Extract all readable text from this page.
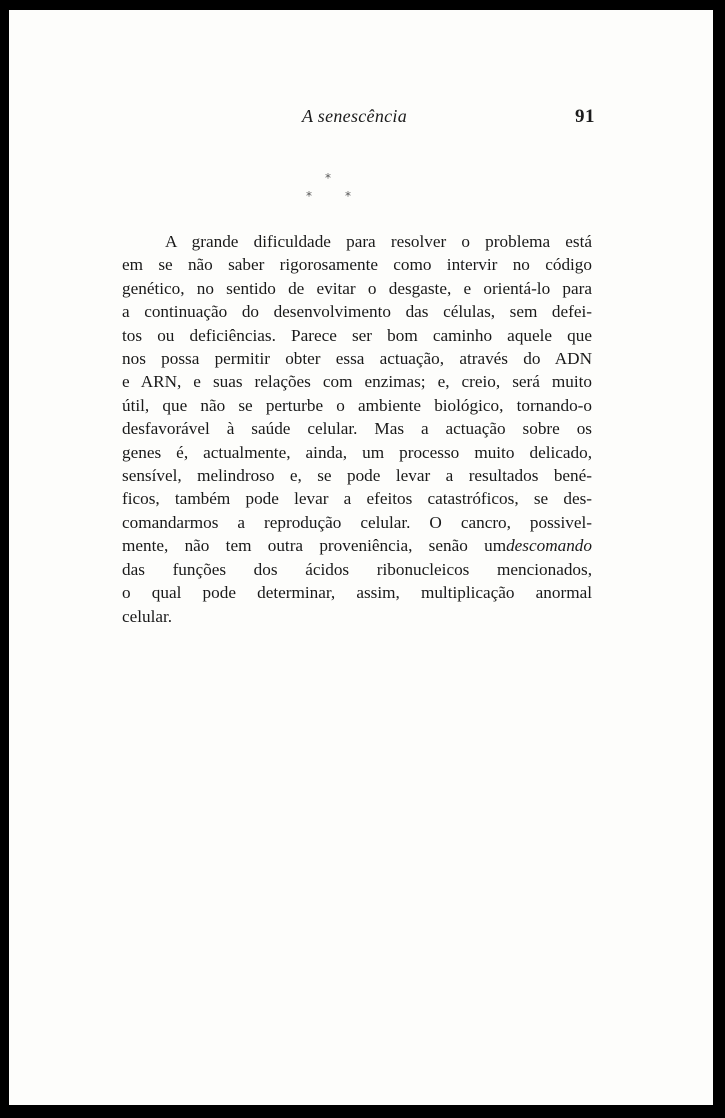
A senescência	91
*
*	*

A grande dificuldade para resolver o problema está
em se não saber rigorosamente como intervir no código
genético, no sentido de evitar o desgaste, e orientá-lo para
a continuação do desenvolvimento das células, sem defei-
tos ou deficiências. Parece ser bom caminho aquele que
nos possa permitir obter essa actuação, através do ADN
e ARN, e suas relações com enzimas; e, creio, será muito
útil, que não se perturbe o ambiente biológico, tornando-o
desfavorável à saúde celular. Mas a actuação sobre os
genes é, actualmente, ainda, um processo muito delicado,
sensível, melindroso e, se pode levar a resultados bené-
ficos, também pode levar a efeitos catastróficos, se des-
comandarmos a reprodução celular. O cancro, possivel-
mente, não tem outra proveniência, senão umdescomando
das funções dos ácidos ribonucleicos mencionados,
o qual pode determinar, assim, multiplicação anormal
celular.
